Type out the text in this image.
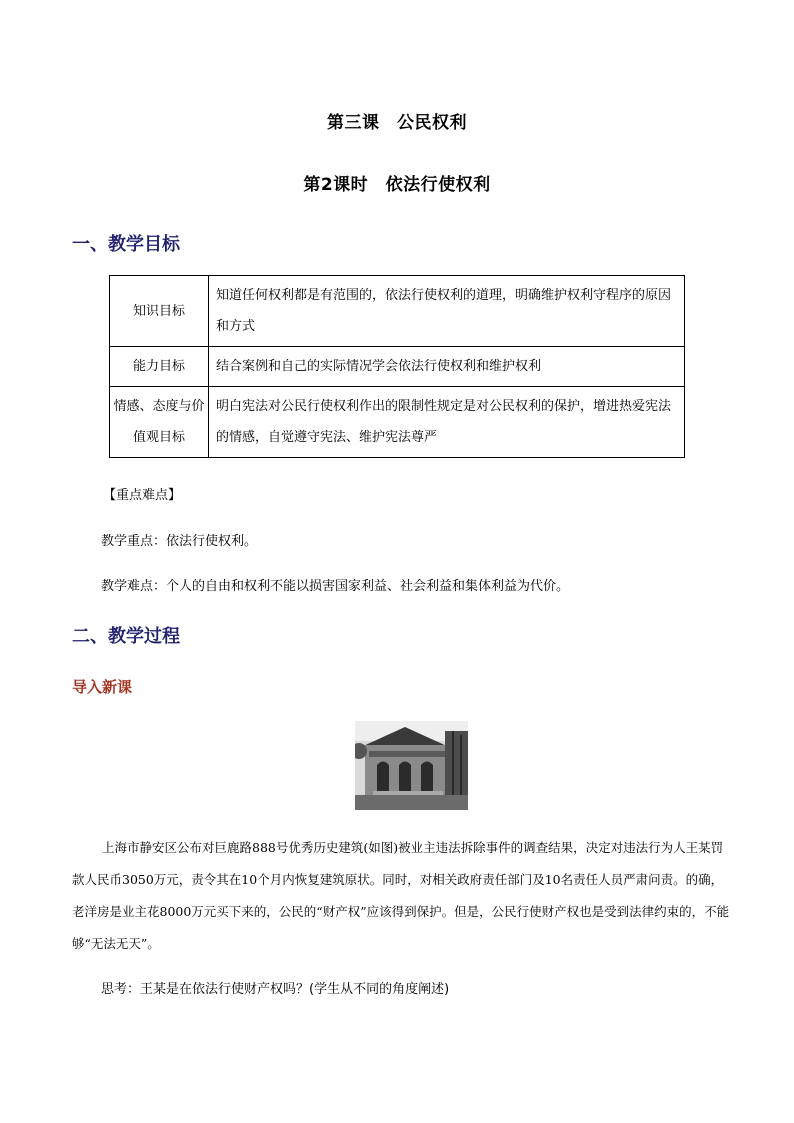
第三课　公民权利
第2课时　依法行使权利
一、教学目标
知识目标	知道任何权利都是有范围的，依法行使权利的道理，明确维护权利守程序的原因和方式
能力目标	结合案例和自己的实际情况学会依法行使权利和维护权利
情感、态度与价值观目标	明白宪法对公民行使权利作出的限制性规定是对公民权利的保护，增进热爱宪法的情感，自觉遵守宪法、维护宪法尊严
【重点难点】
教学重点：依法行使权利。
教学难点：个人的自由和权利不能以损害国家利益、社会利益和集体利益为代价。
二、教学过程
导入新课
上海市静安区公布对巨鹿路888号优秀历史建筑(如图)被业主违法拆除事件的调查结果，决定对违法行为人王某罚款人民币3050万元，责令其在10个月内恢复建筑原状。同时，对相关政府责任部门及10名责任人员严肃问责。的确，老洋房是业主花8000万元买下来的，公民的“财产权”应该得到保护。但是，公民行使财产权也是受到法律约束的，不能够“无法无天”。
思考：王某是在依法行使财产权吗？(学生从不同的角度阐述)
